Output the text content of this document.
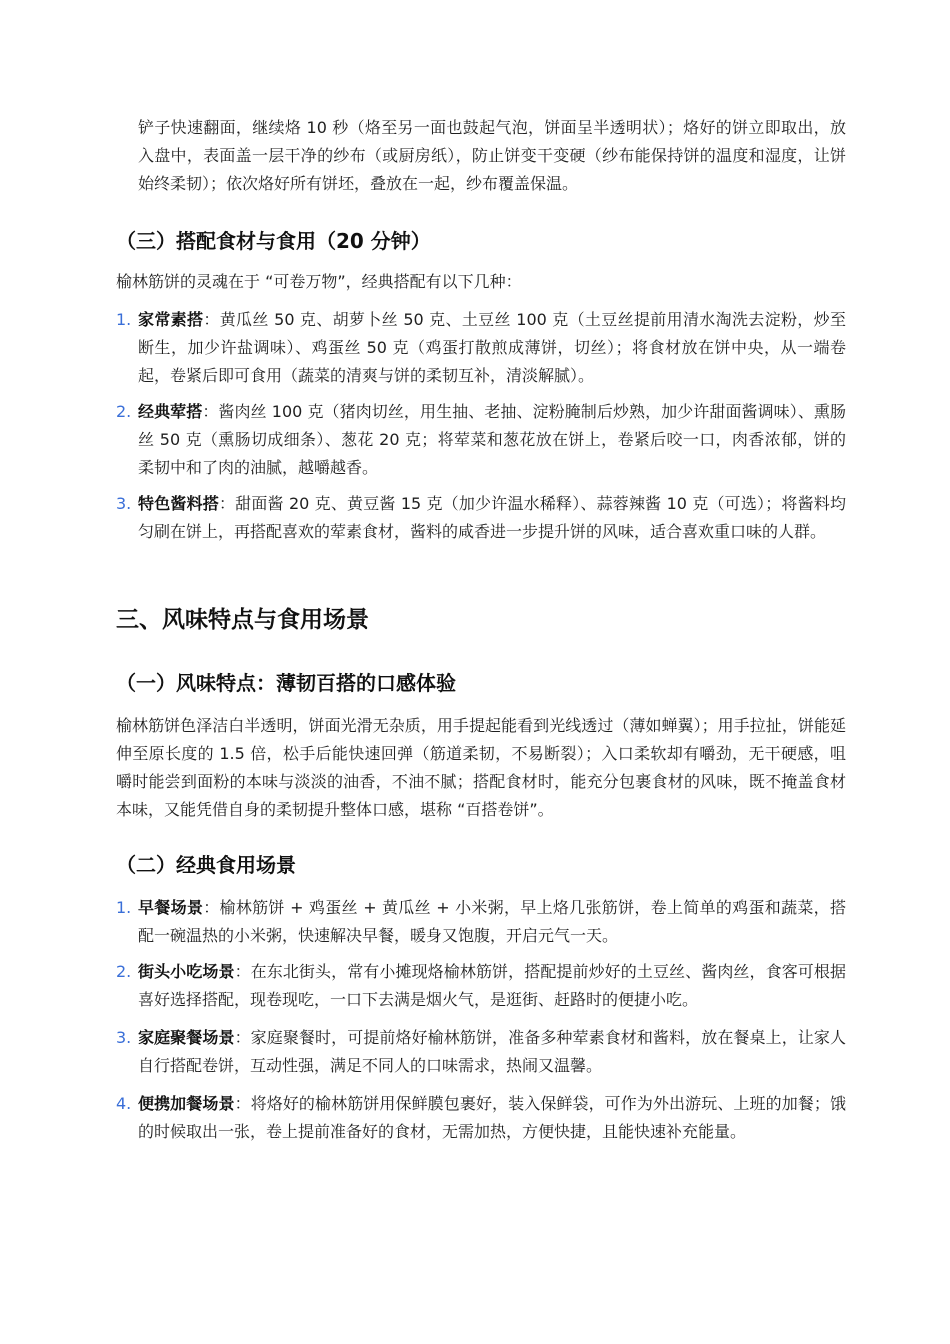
铲子快速翻面，继续烙 10 秒（烙至另一面也鼓起气泡，饼面呈半透明状）；烙好的饼立即取出，放入盘中，表面盖一层干净的纱布（或厨房纸），防止饼变干变硬（纱布能保持饼的温度和湿度，让饼始终柔韧）；依次烙好所有饼坯，叠放在一起，纱布覆盖保温。

（三）搭配食材与食用（20 分钟）

榆林筋饼的灵魂在于 “可卷万物”，经典搭配有以下几种：

1. 家常素搭：黄瓜丝 50 克、胡萝卜丝 50 克、土豆丝 100 克（土豆丝提前用清水淘洗去淀粉，炒至断生，加少许盐调味）、鸡蛋丝 50 克（鸡蛋打散煎成薄饼，切丝）；将食材放在饼中央，从一端卷起，卷紧后即可食用（蔬菜的清爽与饼的柔韧互补，清淡解腻）。

2. 经典荤搭：酱肉丝 100 克（猪肉切丝，用生抽、老抽、淀粉腌制后炒熟，加少许甜面酱调味）、熏肠丝 50 克（熏肠切成细条）、葱花 20 克；将荤菜和葱花放在饼上，卷紧后咬一口，肉香浓郁，饼的柔韧中和了肉的油腻，越嚼越香。

3. 特色酱料搭：甜面酱 20 克、黄豆酱 15 克（加少许温水稀释）、蒜蓉辣酱 10 克（可选）；将酱料均匀刷在饼上，再搭配喜欢的荤素食材，酱料的咸香进一步提升饼的风味，适合喜欢重口味的人群。

三、风味特点与食用场景
（一）风味特点：薄韧百搭的口感体验

榆林筋饼色泽洁白半透明，饼面光滑无杂质，用手提起能看到光线透过（薄如蝉翼）；用手拉扯，饼能延伸至原长度的 1.5 倍，松手后能快速回弹（筋道柔韧，不易断裂）；入口柔软却有嚼劲，无干硬感，咀嚼时能尝到面粉的本味与淡淡的油香，不油不腻；搭配食材时，能充分包裹食材的风味，既不掩盖食材本味，又能凭借自身的柔韧提升整体口感，堪称 “百搭卷饼”。

（二）经典食用场景
1. 早餐场景：榆林筋饼 + 鸡蛋丝 + 黄瓜丝 + 小米粥，早上烙几张筋饼，卷上简单的鸡蛋和蔬菜，搭配一碗温热的小米粥，快速解决早餐，暖身又饱腹，开启元气一天。

2. 街头小吃场景：在东北街头，常有小摊现烙榆林筋饼，搭配提前炒好的土豆丝、酱肉丝，食客可根据喜好选择搭配，现卷现吃，一口下去满是烟火气，是逛街、赶路时的便捷小吃。

3. 家庭聚餐场景：家庭聚餐时，可提前烙好榆林筋饼，准备多种荤素食材和酱料，放在餐桌上，让家人自行搭配卷饼，互动性强，满足不同人的口味需求，热闹又温馨。

4. 便携加餐场景：将烙好的榆林筋饼用保鲜膜包裹好，装入保鲜袋，可作为外出游玩、上班的加餐；饿的时候取出一张，卷上提前准备好的食材，无需加热，方便快捷，且能快速补充能量。
